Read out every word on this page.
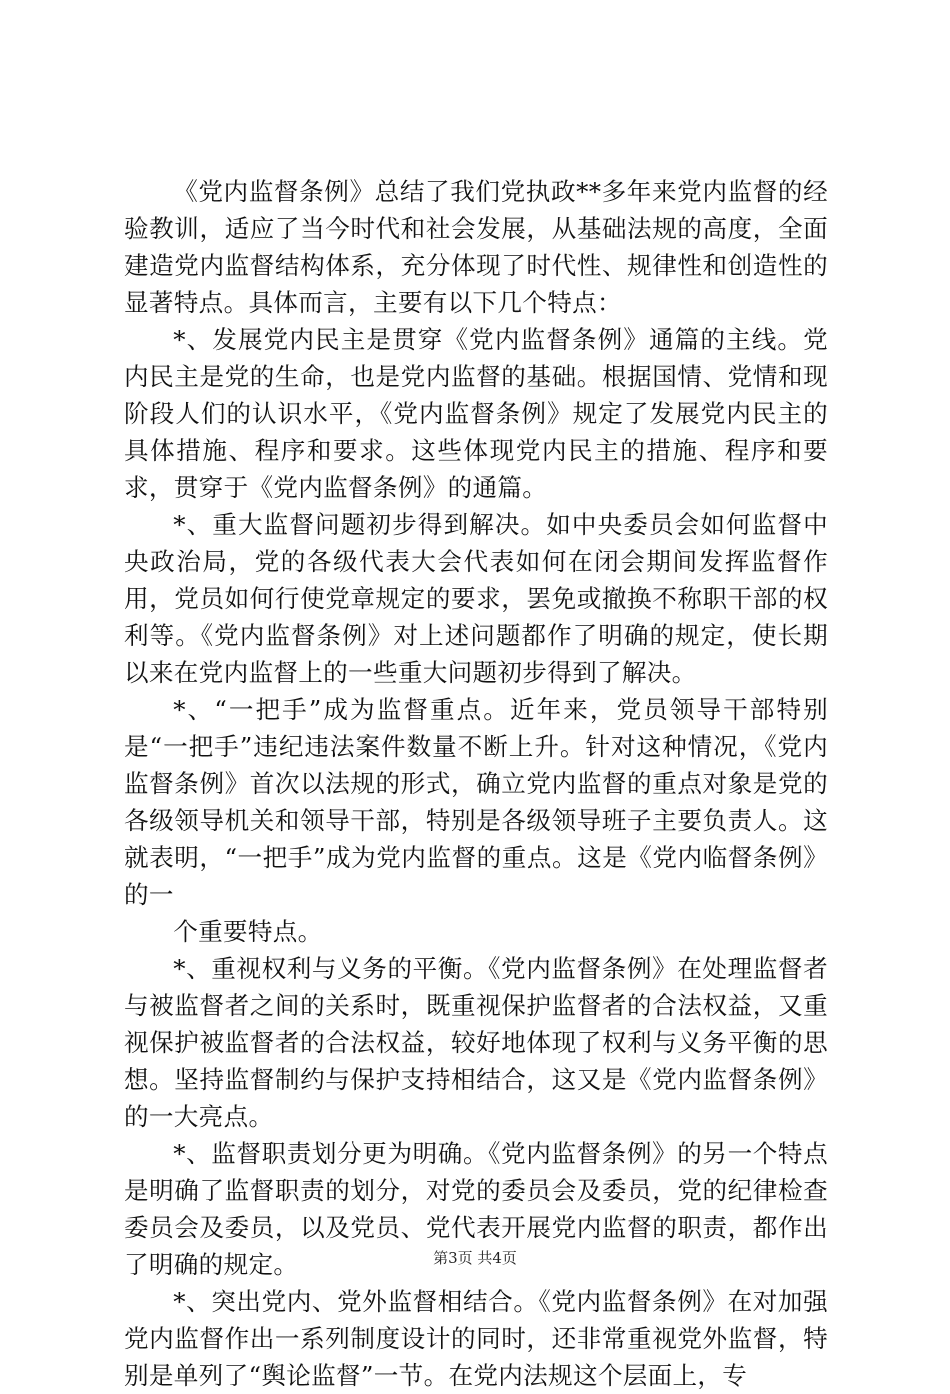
《党内监督条例》总结了我们党执政**多年来党内监督的经验教训，适应了当今时代和社会发展，从基础法规的高度，全面建造党内监督结构体系，充分体现了时代性、规律性和创造性的显著特点。具体而言，主要有以下几个特点：

*、发展党内民主是贯穿《党内监督条例》通篇的主线。党内民主是党的生命，也是党内监督的基础。根据国情、党情和现阶段人们的认识水平，《党内监督条例》规定了发展党内民主的具体措施、程序和要求。这些体现党内民主的措施、程序和要求，贯穿于《党内监督条例》的通篇。

*、重大监督问题初步得到解决。如中央委员会如何监督中央政治局，党的各级代表大会代表如何在闭会期间发挥监督作用，党员如何行使党章规定的要求，罢免或撤换不称职干部的权利等。《党内监督条例》对上述问题都作了明确的规定，使长期以来在党内监督上的一些重大问题初步得到了解决。

*、“一把手”成为监督重点。近年来，党员领导干部特别是“一把手”违纪违法案件数量不断上升。针对这种情况，《党内监督条例》首次以法规的形式，确立党内监督的重点对象是党的各级领导机关和领导干部，特别是各级领导班子主要负责人。这就表明，“一把手”成为党内监督的重点。这是《党内临督条例》的一

个重要特点。

*、重视权利与义务的平衡。《党内监督条例》在处理监督者与被监督者之间的关系时，既重视保护监督者的合法权益，又重视保护被监督者的合法权益，较好地体现了权利与义务平衡的思想。坚持监督制约与保护支持相结合，这又是《党内监督条例》的一大亮点。

*、监督职责划分更为明确。《党内监督条例》的另一个特点是明确了监督职责的划分，对党的委员会及委员，党的纪律检查委员会及委员，以及党员、党代表开展党内监督的职责，都作出了明确的规定。

*、突出党内、党外监督相结合。《党内监督条例》在对加强党内监督作出一系列制度设计的同时，还非常重视党外监督，特别是单列了“舆论监督”一节。在党内法规这个层面上，专

第3页 共4页
